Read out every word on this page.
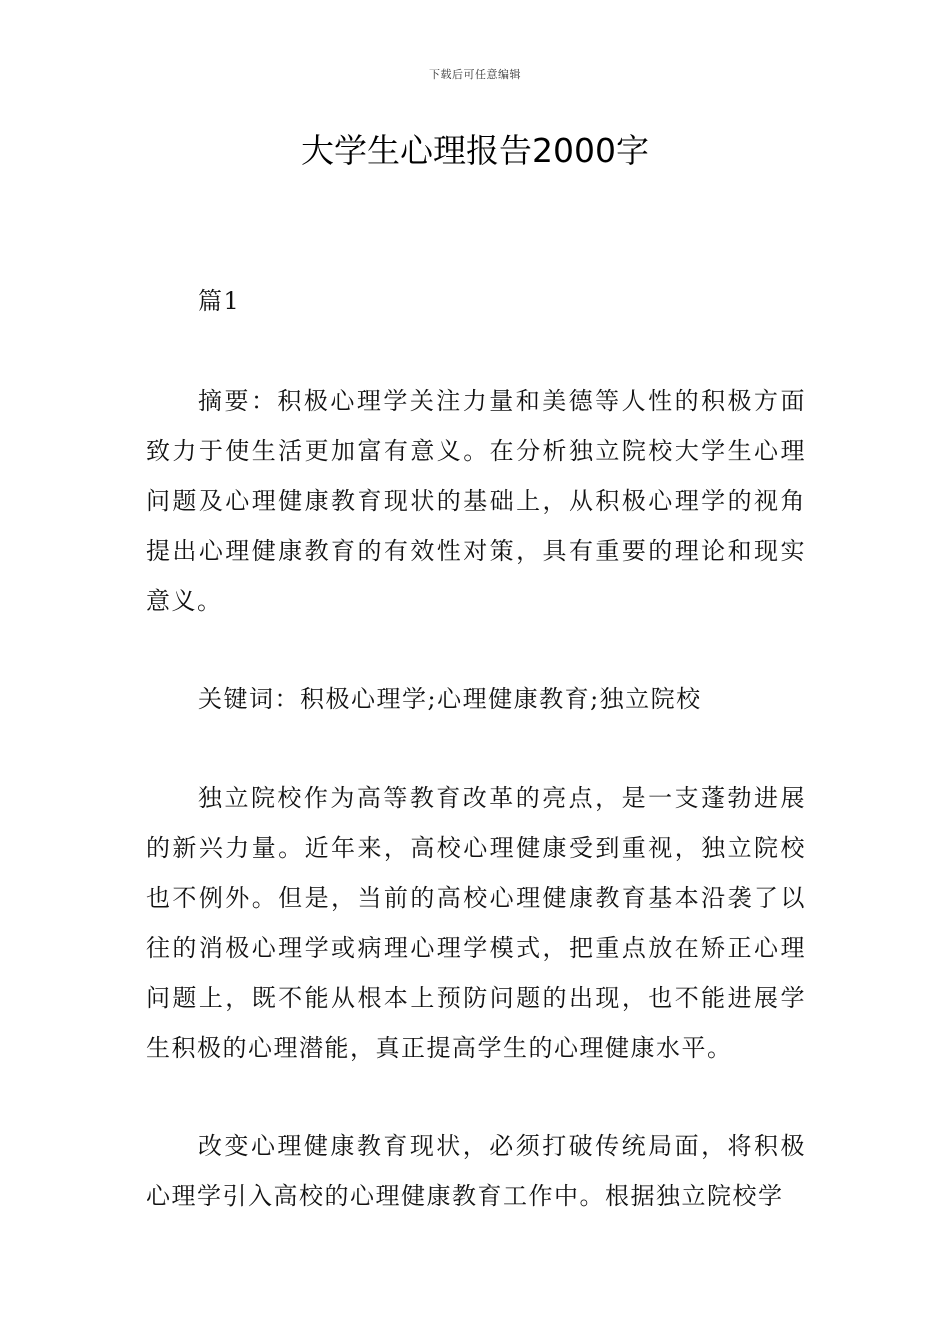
下载后可任意编辑
大学生心理报告2000字

篇1

摘要：积极心理学关注力量和美德等人性的积极方面致力于使生活更加富有意义。在分析独立院校大学生心理问题及心理健康教育现状的基础上，从积极心理学的视角提出心理健康教育的有效性对策，具有重要的理论和现实意义。

关键词：积极心理学;心理健康教育;独立院校

独立院校作为高等教育改革的亮点，是一支蓬勃进展的新兴力量。近年来，高校心理健康受到重视，独立院校也不例外。但是，当前的高校心理健康教育基本沿袭了以往的消极心理学或病理心理学模式，把重点放在矫正心理问题上，既不能从根本上预防问题的出现，也不能进展学生积极的心理潜能，真正提高学生的心理健康水平。

改变心理健康教育现状，必须打破传统局面，将积极心理学引入高校的心理健康教育工作中。根据独立院校学
